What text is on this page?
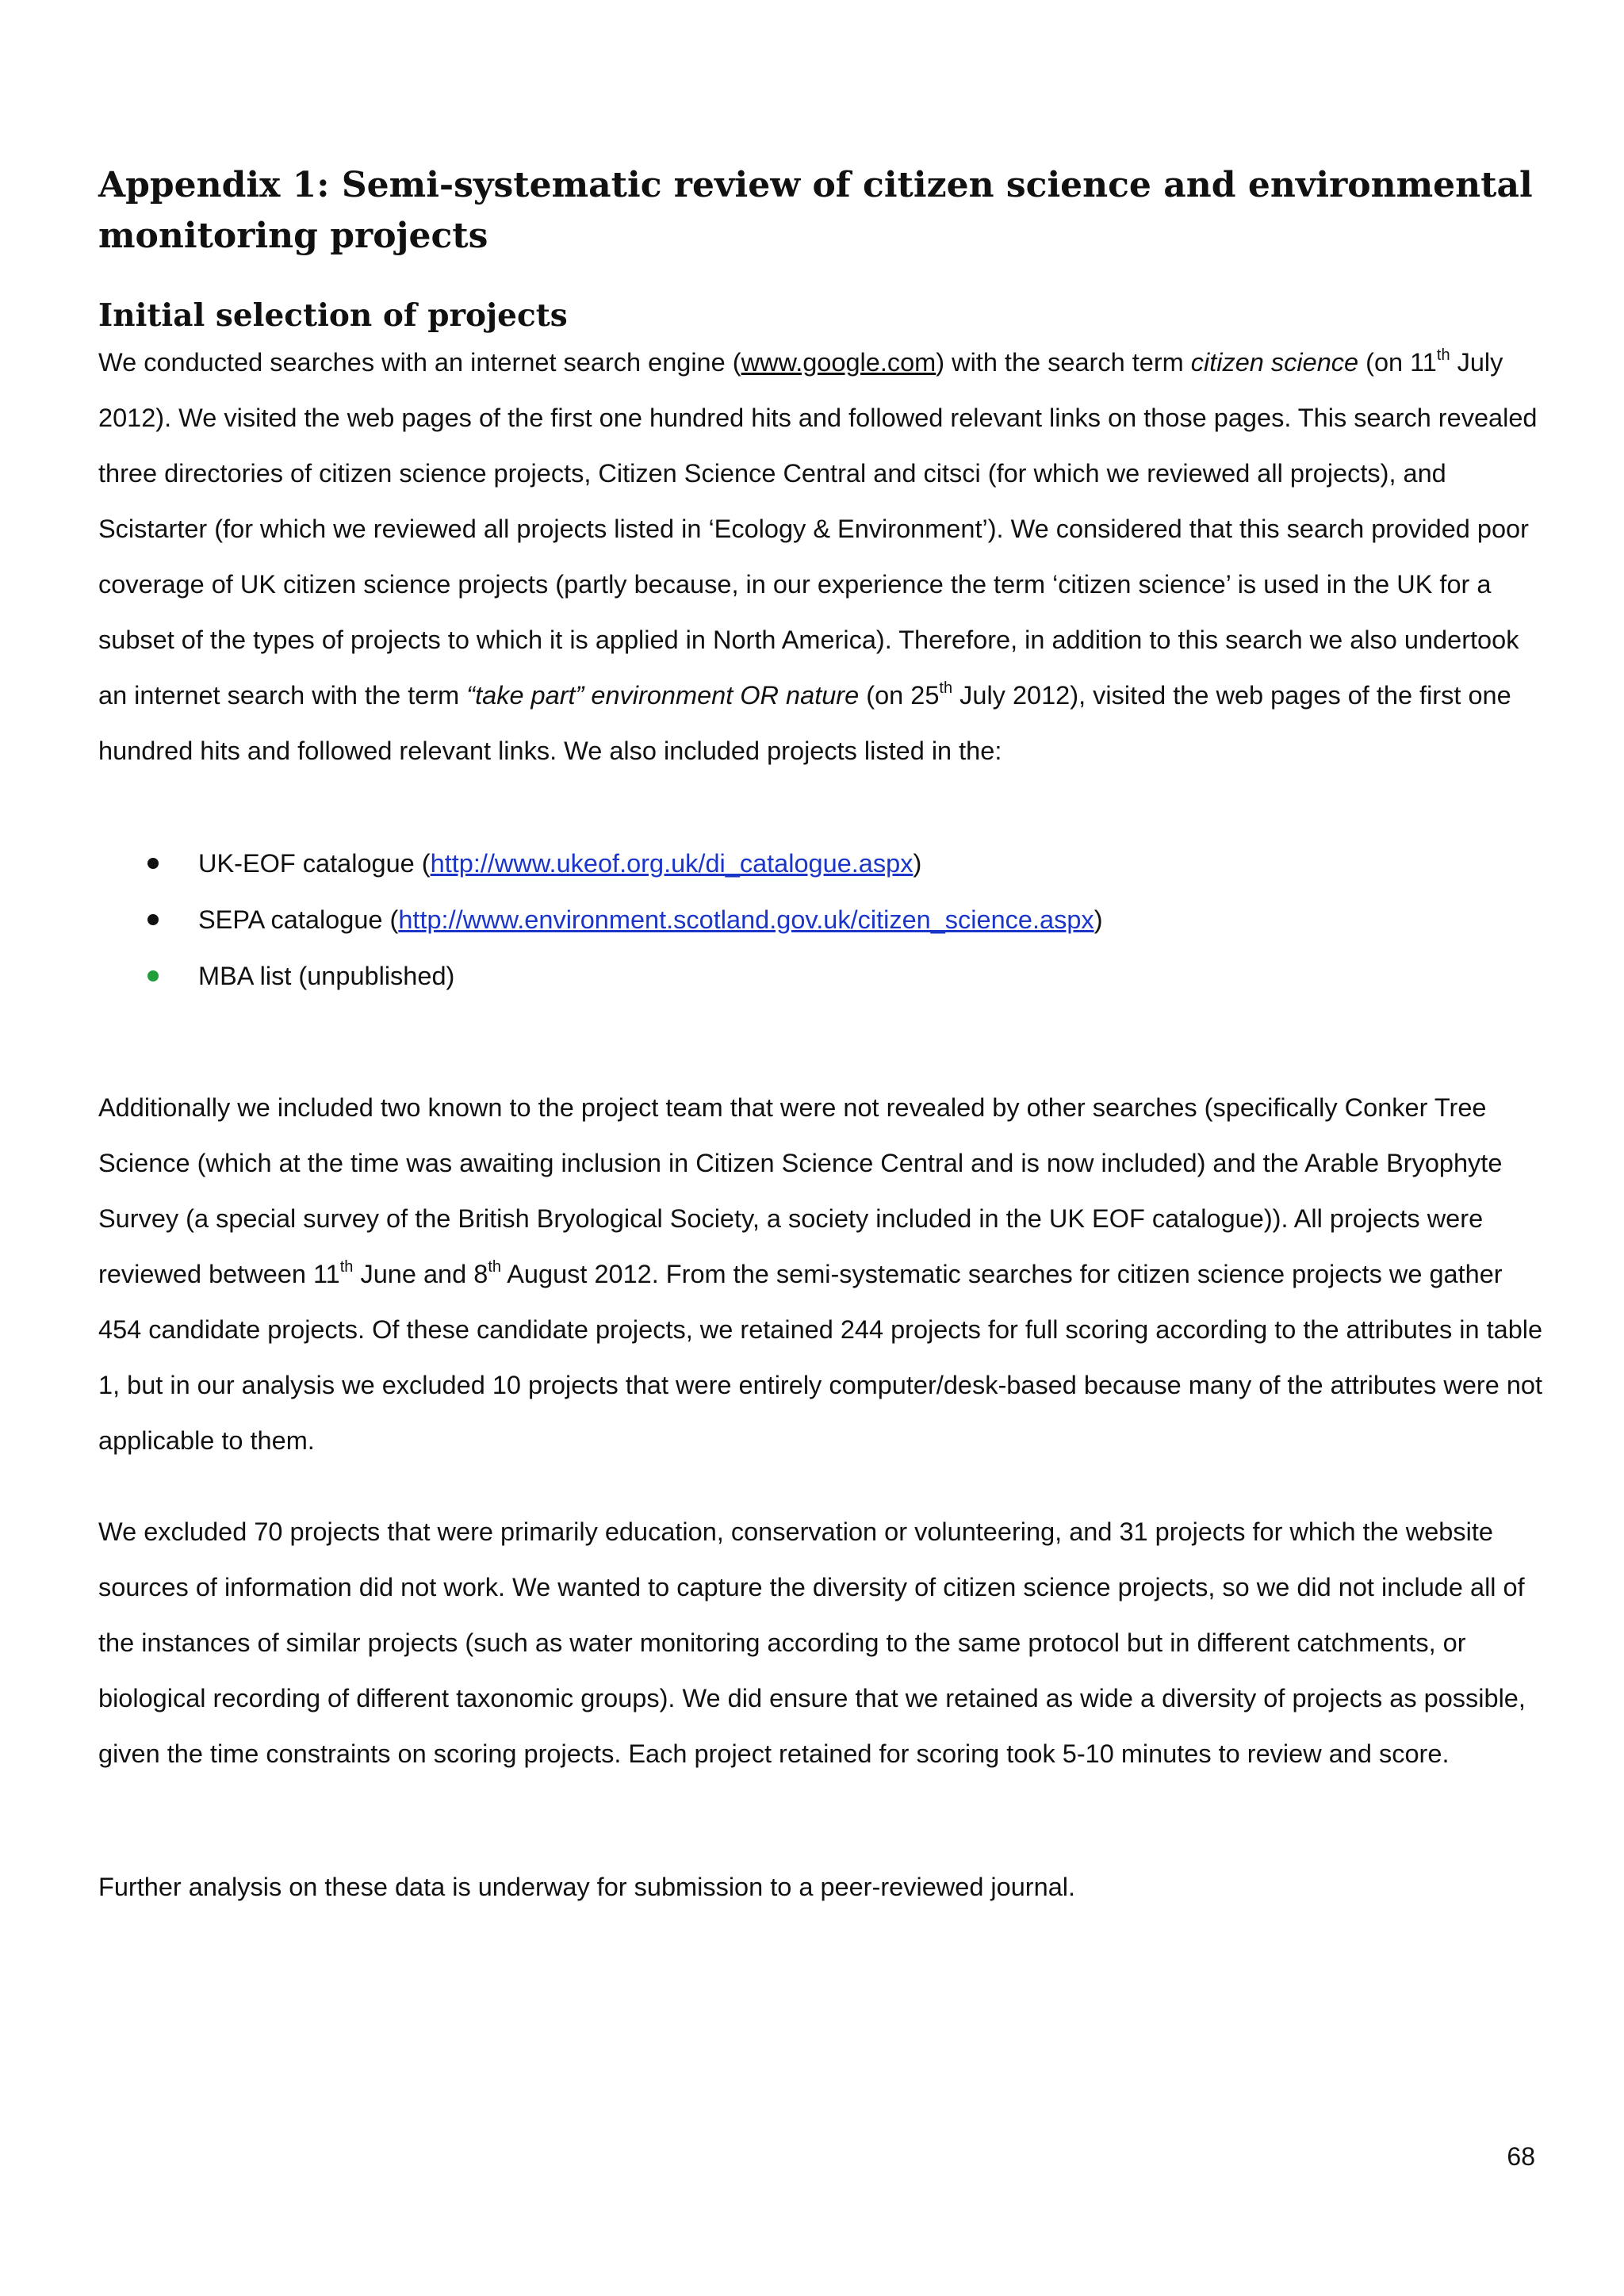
Appendix 1: Semi-systematic review of citizen science and environmental monitoring projects
Initial selection of projects

We conducted searches with an internet search engine (www.google.com) with the search term citizen science (on 11th July 2012). We visited the web pages of the first one hundred hits and followed relevant links on those pages. This search revealed three directories of citizen science projects, Citizen Science Central and citsci (for which we reviewed all projects), and Scistarter (for which we reviewed all projects listed in ‘Ecology & Environment’). We considered that this search provided poor coverage of UK citizen science projects (partly because, in our experience the term ‘citizen science’ is used in the UK for a subset of the types of projects to which it is applied in North America). Therefore, in addition to this search we also undertook an internet search with the term “take part” environment OR nature (on 25th July 2012), visited the web pages of the first one hundred hits and followed relevant links. We also included projects listed in the:

UK-EOF catalogue (http://www.ukeof.org.uk/di_catalogue.aspx)
SEPA catalogue (http://www.environment.scotland.gov.uk/citizen_science.aspx)
MBA list (unpublished)

Additionally we included two known to the project team that were not revealed by other searches (specifically Conker Tree Science (which at the time was awaiting inclusion in Citizen Science Central and is now included) and the Arable Bryophyte Survey (a special survey of the British Bryological Society, a society included in the UK EOF catalogue)). All projects were reviewed between 11th June and 8th August 2012. From the semi-systematic searches for citizen science projects we gather 454 candidate projects. Of these candidate projects, we retained 244 projects for full scoring according to the attributes in table 1, but in our analysis we excluded 10 projects that were entirely computer/desk-based because many of the attributes were not applicable to them.

We excluded 70 projects that were primarily education, conservation or volunteering, and 31 projects for which the website sources of information did not work. We wanted to capture the diversity of citizen science projects, so we did not include all of the instances of similar projects (such as water monitoring according to the same protocol but in different catchments, or biological recording of different taxonomic groups). We did ensure that we retained as wide a diversity of projects as possible, given the time constraints on scoring projects. Each project retained for scoring took 5-10 minutes to review and score.

Further analysis on these data is underway for submission to a peer-reviewed journal.

68
